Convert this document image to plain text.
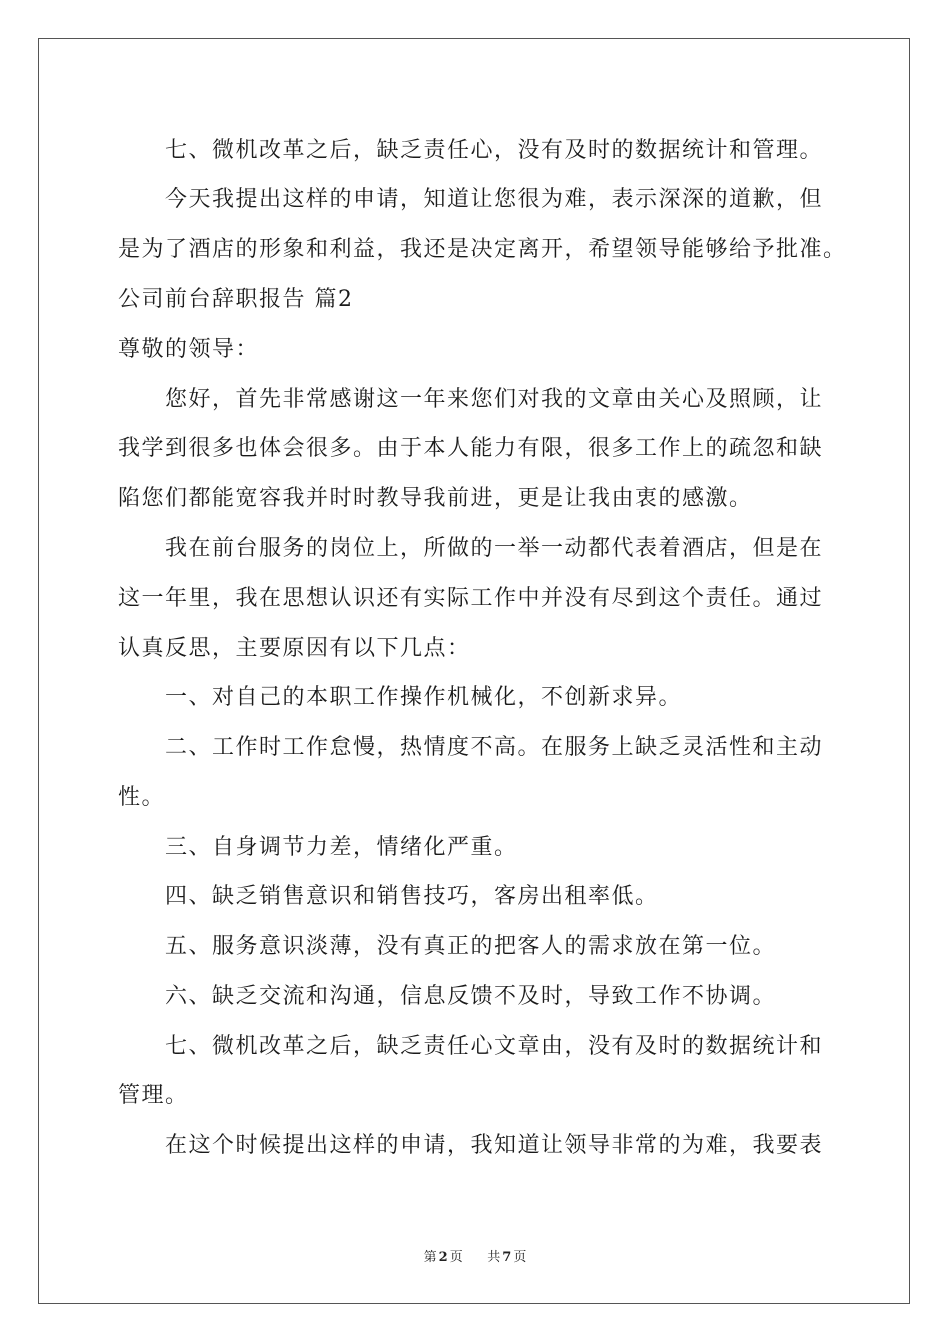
七、微机改革之后，缺乏责任心，没有及时的数据统计和管理。
今天我提出这样的申请，知道让您很为难，表示深深的道歉，但
是为了酒店的形象和利益，我还是决定离开，希望领导能够给予批准。
公司前台辞职报告 篇2
尊敬的领导：
您好，首先非常感谢这一年来您们对我的文章由关心及照顾，让
我学到很多也体会很多。由于本人能力有限，很多工作上的疏忽和缺
陷您们都能宽容我并时时教导我前进，更是让我由衷的感激。
我在前台服务的岗位上，所做的一举一动都代表着酒店，但是在
这一年里，我在思想认识还有实际工作中并没有尽到这个责任。通过
认真反思，主要原因有以下几点：
一、对自己的本职工作操作机械化，不创新求异。
二、工作时工作怠慢，热情度不高。在服务上缺乏灵活性和主动
性。
三、自身调节力差，情绪化严重。
四、缺乏销售意识和销售技巧，客房出租率低。
五、服务意识淡薄，没有真正的把客人的需求放在第一位。
六、缺乏交流和沟通，信息反馈不及时，导致工作不协调。
七、微机改革之后，缺乏责任心文章由，没有及时的数据统计和
管理。
在这个时候提出这样的申请，我知道让领导非常的为难，我要表
第 2 页 共 7 页
